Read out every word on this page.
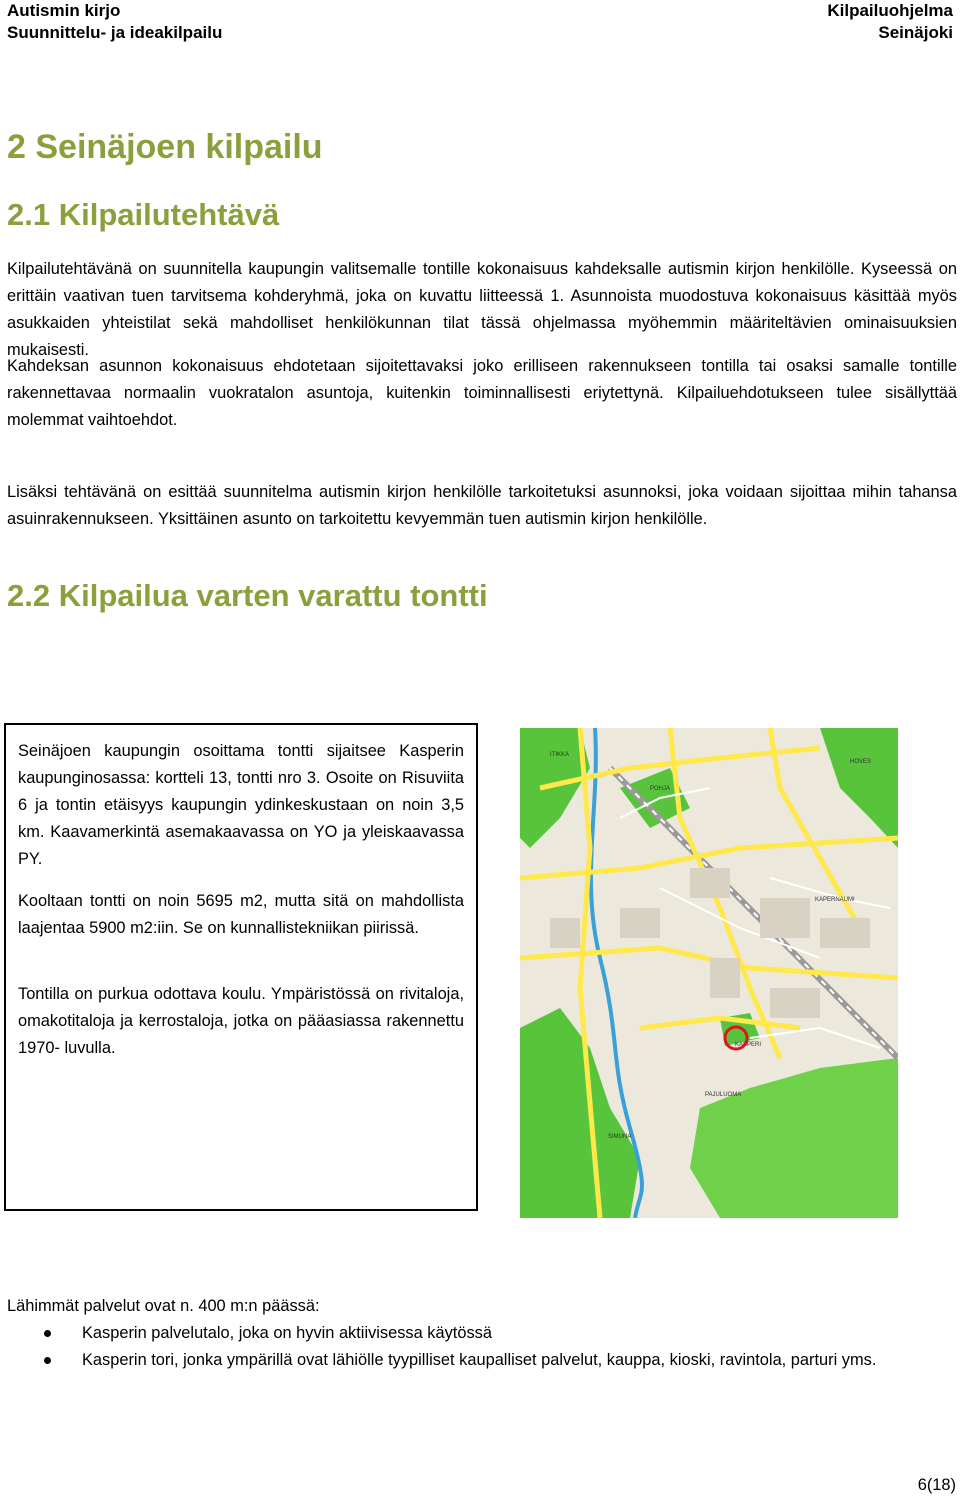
Autismin kirjo
Suunnittelu- ja ideakilpailu
Kilpailuohjelma
Seinäjoki
2 Seinäjoen kilpailu
2.1 Kilpailutehtävä

Kilpailutehtävänä on suunnitella kaupungin valitsemalle tontille kokonaisuus kahdeksalle autismin kirjon henkilölle. Kyseessä on erittäin vaativan tuen tarvitsema kohderyhmä, joka on kuvattu liitteessä 1. Asunnoista muodostuva kokonaisuus käsittää myös asukkaiden yhteistilat sekä mahdolliset henkilökunnan tilat tässä ohjelmassa myöhemmin määriteltävien ominaisuuksien mukaisesti.

Kahdeksan asunnon kokonaisuus ehdotetaan sijoitettavaksi joko erilliseen rakennukseen tontilla tai osaksi samalle tontille rakennettavaa normaalin vuokratalon asuntoja, kuitenkin toiminnallisesti eriytettynä. Kilpailuehdotukseen tulee sisällyttää molemmat vaihtoehdot.

Lisäksi tehtävänä on esittää suunnitelma autismin kirjon henkilölle tarkoitetuksi asunnoksi, joka voidaan sijoittaa mihin tahansa asuinrakennukseen. Yksittäinen asunto on tarkoitettu kevyemmän tuen autismin kirjon henkilölle.

2.2 Kilpailua varten varattu tontti

Seinäjoen kaupungin osoittama tontti sijaitsee Kasperin kaupunginosassa: kortteli 13, tontti nro 3. Osoite on Risuviita 6 ja tontin etäisyys kaupungin ydinkeskustaan on noin 3,5 km. Kaavamerkintä asemakaavassa on YO ja yleiskaavassa PY.

Kooltaan tontti on noin 5695 m2, mutta sitä on mahdollista laajentaa 5900 m2:iin. Se on kunnallistekniikan piirissä.

Tontilla on purkua odottava koulu. Ympäristössä on rivitaloja, omakotitaloja ja kerrostaloja, jotka on pääasiassa rakennettu 1970- luvulla.

KAPERNAUMI
KASPERI
PAJULUOMA
SIMUNA
ITIKKA
POHJA
HOVES
Lähimmät palvelut ovat n. 400 m:n päässä:
Kasperin palvelutalo, joka on hyvin aktiivisessa käytössä
Kasperin tori, jonka ympärillä ovat lähiölle tyypilliset kaupalliset palvelut, kauppa, kioski, ravintola, parturi yms.
6(18)
